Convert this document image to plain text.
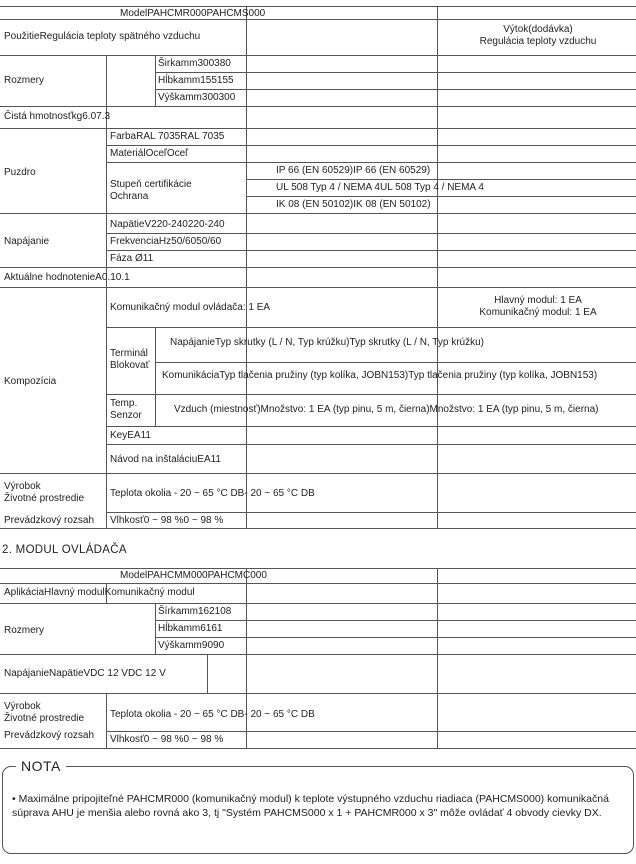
ModelPAHCMR000PAHCMS000
PoužitieRegulácia teploty spätného vzduchu
Výtok(dodávka)
Regulácia teploty vzduchu
Rozmery
Širkamm300380
Hĺbkamm155155
Výškamm300300
Čistá hmotnosťkg6.07.3
Puzdro
FarbaRAL 7035RAL 7035
MateriálOceľOceľ
Stupeň certifikácie
Ochrana
IP 66 (EN 60529)IP 66 (EN 60529)
UL 508 Typ 4 / NEMA 4UL 508 Typ 4 / NEMA 4
IK 08 (EN 50102)IK 08 (EN 50102)
Napájanie
NapätieV220-240220-240
FrekvenciaHz50/6050/60
Fáza Ø11
Aktuálne hodnotenieA0.10.1
Kompozícia
Komunikačný modul ovládača: 1 EA
Hlavný modul: 1 EA
Komunikačný modul: 1 EA
Terminál
Blokovať
NapájanieTyp skrutky (L / N, Typ krúžku)Typ skrutky (L / N, Typ krúžku)
KomunikáciaTyp tlačenia pružiny (typ kolíka, JOBN153)Typ tlačenia pružiny (typ kolíka, JOBN153)
Temp.
Senzor
Vzduch (miestnosť)Množstvo: 1 EA (typ pinu, 5 m, čierna)Množstvo: 1 EA (typ pinu, 5 m, čierna)
KeyEA11
Návod na inštaláciuEA11
Výrobok
Životné prostredie
Prevádzkový rozsah
Teplota okolia - 20 ~ 65 °C DB- 20 ~ 65 °C DB
Vlhkosť0 ~ 98 %0 ~ 98 %
2. MODUL OVLÁDAČA
ModelPAHCMM000PAHCMC000
AplikáciaHlavný modulKomunikačný modul
Rozmery
Šírkamm162108
Hĺbkamm6161
Výškamm9090
NapájanieNapätieVDC 12 VDC 12 V
Výrobok
Životné prostredie
Prevádzkový rozsah
Teplota okolia - 20 ~ 65 °C DB- 20 ~ 65 °C DB
Vlhkosť0 ~ 98 %0 ~ 98 %
NOTA
• Maximálne pripojiteľné PAHCMR000 (komunikačný modul) k teplote výstupného vzduchu riadiaca (PAHCMS000) komunikačná súprava AHU je menšia alebo rovná ako 3, tj "Systém PAHCMS000 x 1 + PAHCMR000 x 3" môže ovládať 4 obvody cievky DX.
